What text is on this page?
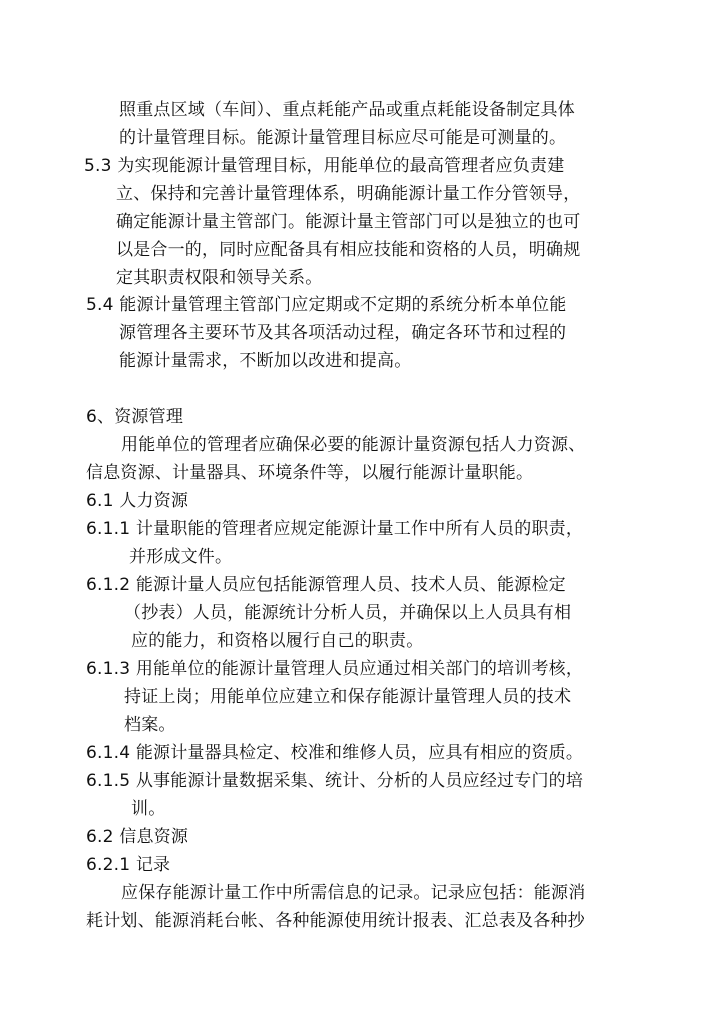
照重点区域（车间）、重点耗能产品或重点耗能设备制定具体
的计量管理目标。能源计量管理目标应尽可能是可测量的。
5.3 为实现能源计量管理目标，用能单位的最高管理者应负责建
立、保持和完善计量管理体系，明确能源计量工作分管领导，
确定能源计量主管部门。能源计量主管部门可以是独立的也可
以是合一的，同时应配备具有相应技能和资格的人员，明确规
定其职责权限和领导关系。
5.4 能源计量管理主管部门应定期或不定期的系统分析本单位能
源管理各主要环节及其各项活动过程，确定各环节和过程的
能源计量需求，不断加以改进和提高。
6、资源管理
用能单位的管理者应确保必要的能源计量资源包括人力资源、
信息资源、计量器具、环境条件等，以履行能源计量职能。
6.1 人力资源
6.1.1 计量职能的管理者应规定能源计量工作中所有人员的职责，
并形成文件。
6.1.2 能源计量人员应包括能源管理人员、技术人员、能源检定
（抄表）人员，能源统计分析人员，并确保以上人员具有相
应的能力，和资格以履行自己的职责。
6.1.3 用能单位的能源计量管理人员应通过相关部门的培训考核，
持证上岗；用能单位应建立和保存能源计量管理人员的技术
档案。
6.1.4 能源计量器具检定、校准和维修人员，应具有相应的资质。
6.1.5 从事能源计量数据采集、统计、分析的人员应经过专门的培
训。
6.2 信息资源
6.2.1 记录
应保存能源计量工作中所需信息的记录。记录应包括：能源消
耗计划、能源消耗台帐、各种能源使用统计报表、汇总表及各种抄
